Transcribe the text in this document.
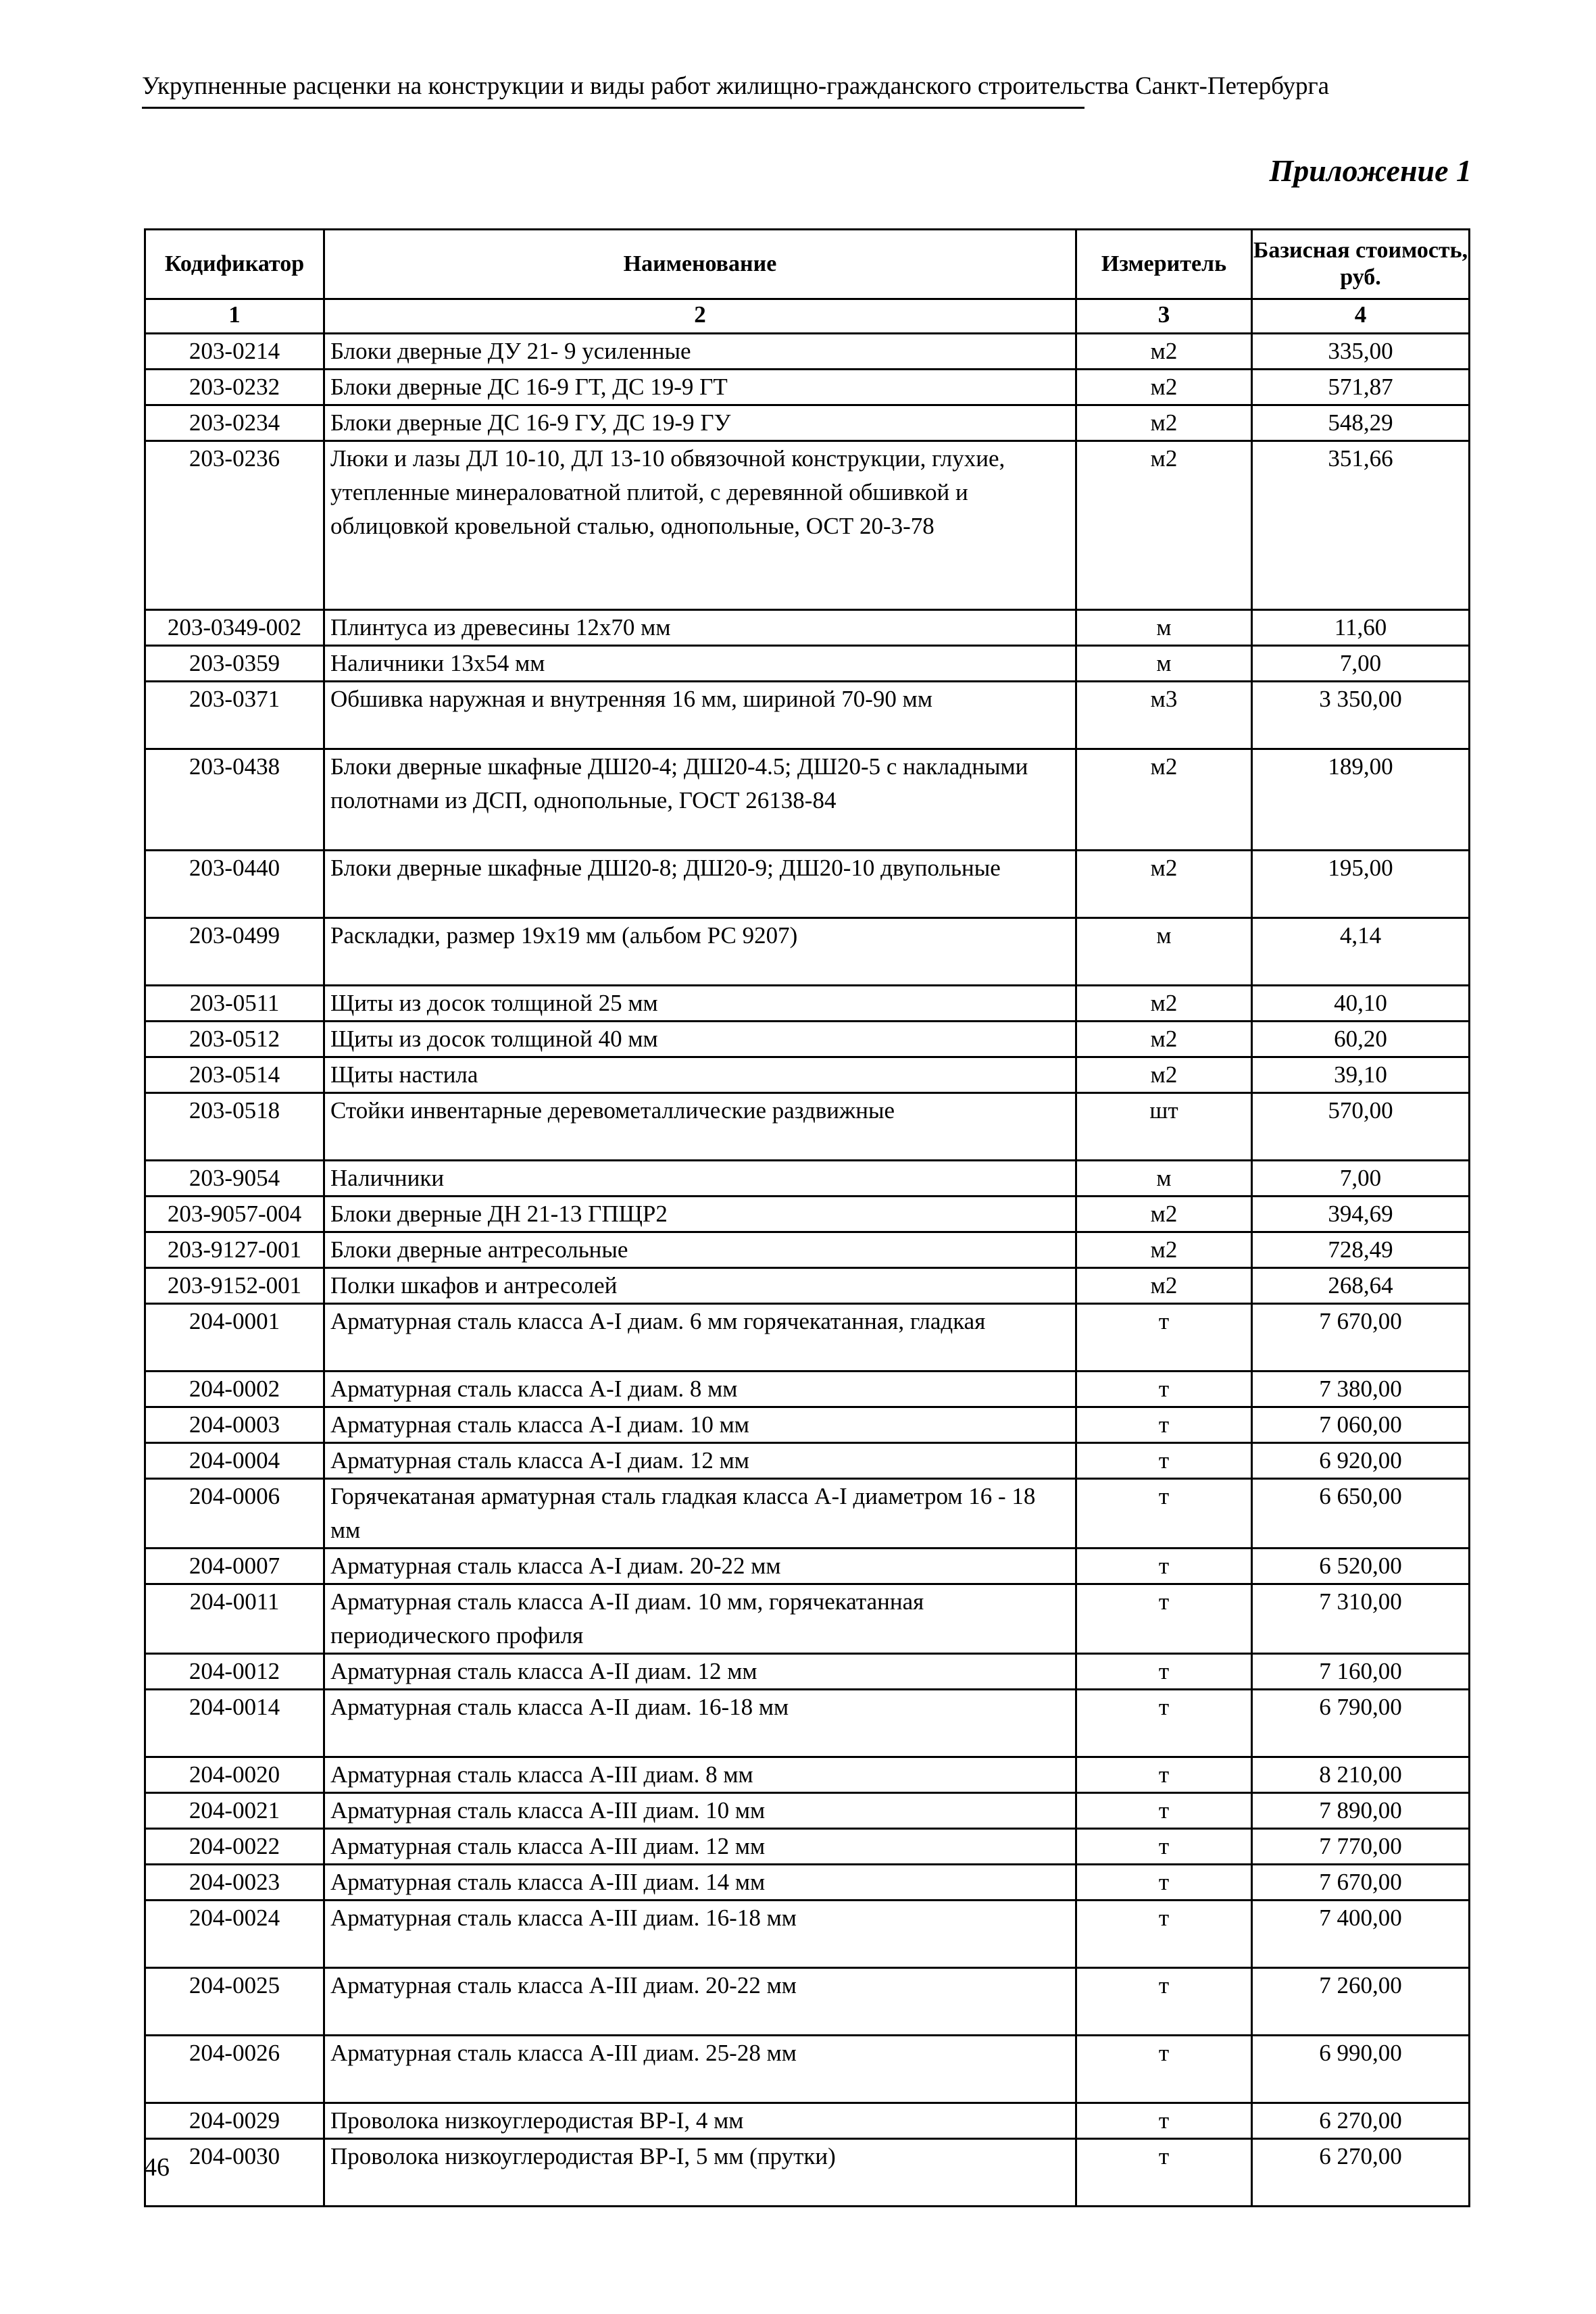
Укрупненные расценки на конструкции и виды работ жилищно-гражданского строительства Санкт-Петербурга
Приложение 1
Кодификатор	Наименование	Измеритель	Базисная стоимость, руб.
1	2	3	4
203-0214	Блоки дверные ДУ 21- 9 усиленные	м2	335,00
203-0232	Блоки дверные ДС 16-9 ГТ, ДС 19-9 ГТ	м2	571,87
203-0234	Блоки дверные ДС 16-9 ГУ, ДС 19-9 ГУ	м2	548,29
203-0236	Люки и лазы ДЛ 10-10, ДЛ 13-10 обвязочной конструкции, глухие, утепленные минераловатной плитой, с деревянной обшивкой и облицовкой кровельной сталью, однопольные, ОСТ 20-3-78	м2	351,66
203-0349-002	Плинтуса из древесины 12х70 мм	м	11,60
203-0359	Наличники 13х54 мм	м	7,00
203-0371	Обшивка наружная и внутренняя 16 мм, шириной 70-90 мм	м3	3 350,00
203-0438	Блоки дверные шкафные ДШ20-4; ДШ20-4.5; ДШ20-5 с накладными полотнами из ДСП, однопольные, ГОСТ 26138-84	м2	189,00
203-0440	Блоки дверные шкафные ДШ20-8; ДШ20-9; ДШ20-10 двупольные	м2	195,00
203-0499	Раскладки, размер 19х19 мм (альбом РС 9207)	м	4,14
203-0511	Щиты из досок толщиной 25 мм	м2	40,10
203-0512	Щиты из досок толщиной 40 мм	м2	60,20
203-0514	Щиты настила	м2	39,10
203-0518	Стойки инвентарные деревометаллические раздвижные	шт	570,00
203-9054	Наличники	м	7,00
203-9057-004	Блоки дверные ДН 21-13 ГПЩР2	м2	394,69
203-9127-001	Блоки дверные антресольные	м2	728,49
203-9152-001	Полки шкафов и антресолей	м2	268,64
204-0001	Арматурная сталь класса А-I диам. 6 мм горячекатанная, гладкая	т	7 670,00
204-0002	Арматурная сталь класса А-I диам. 8 мм	т	7 380,00
204-0003	Арматурная сталь класса А-I диам. 10 мм	т	7 060,00
204-0004	Арматурная сталь класса А-I диам. 12 мм	т	6 920,00
204-0006	Горячекатаная арматурная сталь гладкая класса А-I диаметром 16 - 18 мм	т	6 650,00
204-0007	Арматурная сталь класса А-I диам. 20-22 мм	т	6 520,00
204-0011	Арматурная сталь класса А-II диам. 10 мм, горячекатанная периодического профиля	т	7 310,00
204-0012	Арматурная сталь класса А-II диам. 12 мм	т	7 160,00
204-0014	Арматурная сталь класса А-II диам. 16-18 мм	т	6 790,00
204-0020	Арматурная сталь класса А-III диам. 8 мм	т	8 210,00
204-0021	Арматурная сталь класса А-III диам. 10 мм	т	7 890,00
204-0022	Арматурная сталь класса А-III диам. 12 мм	т	7 770,00
204-0023	Арматурная сталь класса А-III диам. 14 мм	т	7 670,00
204-0024	Арматурная сталь класса А-III диам. 16-18 мм	т	7 400,00
204-0025	Арматурная сталь класса А-III диам. 20-22 мм	т	7 260,00
204-0026	Арматурная сталь класса А-III диам. 25-28 мм	т	6 990,00
204-0029	Проволока низкоуглеродистая ВР-I, 4 мм	т	6 270,00
204-0030	Проволока низкоуглеродистая ВР-I, 5 мм (прутки)	т	6 270,00
46
